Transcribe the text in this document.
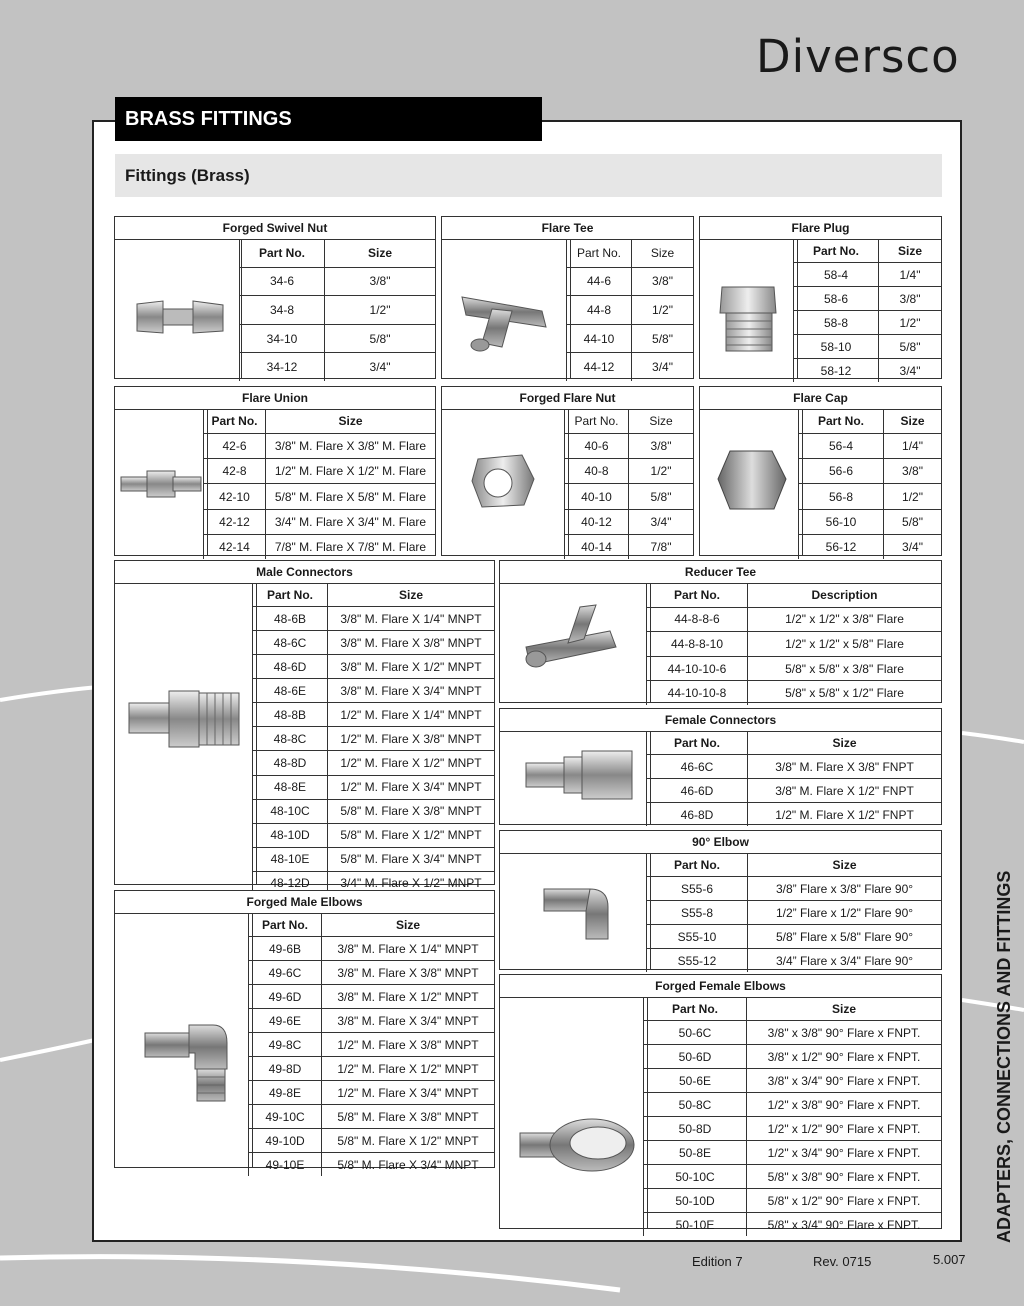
Diversco
BRASS FITTINGS
Fittings (Brass)
Forged Swivel Nut
Part No.	Size
34-6	3/8"
34-8	1/2"
34-10	5/8"
34-12	3/4"
Flare Tee
Part No.	Size
44-6	3/8"
44-8	1/2"
44-10	5/8"
44-12	3/4"
Flare Plug
Part No.	Size
58-4	1/4"
58-6	3/8"
58-8	1/2"
58-10	5/8"
58-12	3/4"
Flare Union
Part No.	Size
42-6	3/8" M. Flare X 3/8" M. Flare
42-8	1/2" M. Flare X 1/2" M. Flare
42-10	5/8" M. Flare X 5/8" M. Flare
42-12	3/4" M. Flare X 3/4" M. Flare
42-14	7/8" M. Flare X 7/8" M. Flare
Forged Flare Nut
Part No.	Size
40-6	3/8"
40-8	1/2"
40-10	5/8"
40-12	3/4"
40-14	7/8"
Flare Cap
Part No.	Size
56-4	1/4"
56-6	3/8"
56-8	1/2"
56-10	5/8"
56-12	3/4"
Male Connectors
Part No.	Size
48-6B	3/8" M. Flare X 1/4" MNPT
48-6C	3/8" M. Flare X 3/8" MNPT
48-6D	3/8" M. Flare X 1/2" MNPT
48-6E	3/8" M. Flare X 3/4" MNPT
48-8B	1/2" M. Flare X 1/4" MNPT
48-8C	1/2" M. Flare X 3/8" MNPT
48-8D	1/2" M. Flare X 1/2" MNPT
48-8E	1/2" M. Flare X 3/4" MNPT
48-10C	5/8" M. Flare X 3/8" MNPT
48-10D	5/8" M. Flare X 1/2" MNPT
48-10E	5/8" M. Flare X 3/4" MNPT
48-12D	3/4" M. Flare X 1/2" MNPT
Reducer Tee
Part No.	Description
44-8-8-6	1/2" x 1/2" x 3/8" Flare
44-8-8-10	1/2" x 1/2" x 5/8" Flare
44-10-10-6	5/8" x 5/8" x 3/8" Flare
44-10-10-8	5/8" x 5/8" x 1/2" Flare
Female Connectors
Part No.	Size
46-6C	3/8" M. Flare X 3/8" FNPT
46-6D	3/8" M. Flare X 1/2" FNPT
46-8D	1/2" M. Flare X 1/2" FNPT
90° Elbow
Part No.	Size
S55-6	3/8” Flare x 3/8" Flare 90°
S55-8	1/2” Flare x 1/2" Flare 90°
S55-10	5/8” Flare x 5/8" Flare 90°
S55-12	3/4” Flare x 3/4" Flare 90°
Forged Male Elbows
Part No.	Size
49-6B	3/8" M. Flare X 1/4" MNPT
49-6C	3/8" M. Flare X 3/8" MNPT
49-6D	3/8" M. Flare X 1/2" MNPT
49-6E	3/8" M. Flare X 3/4" MNPT
49-8C	1/2" M. Flare X 3/8" MNPT
49-8D	1/2" M. Flare X 1/2" MNPT
49-8E	1/2" M. Flare X 3/4" MNPT
49-10C	5/8" M. Flare X 3/8" MNPT
49-10D	5/8" M. Flare X 1/2" MNPT
49-10E	5/8" M. Flare X 3/4" MNPT
Forged Female Elbows
Part No.	Size
50-6C	3/8" x 3/8" 90° Flare x FNPT.
50-6D	3/8" x 1/2" 90° Flare x FNPT.
50-6E	3/8" x 3/4" 90° Flare x FNPT.
50-8C	1/2" x 3/8" 90° Flare x FNPT.
50-8D	1/2" x 1/2" 90° Flare x FNPT.
50-8E	1/2" x 3/4" 90° Flare x FNPT.
50-10C	5/8" x 3/8" 90° Flare x FNPT.
50-10D	5/8" x 1/2" 90° Flare x FNPT.
50-10E	5/8" x 3/4" 90° Flare x FNPT.	ADAPTERS, CONNECTIONS AND FITTINGS
Edition 7	Rev. 0715	5.007
